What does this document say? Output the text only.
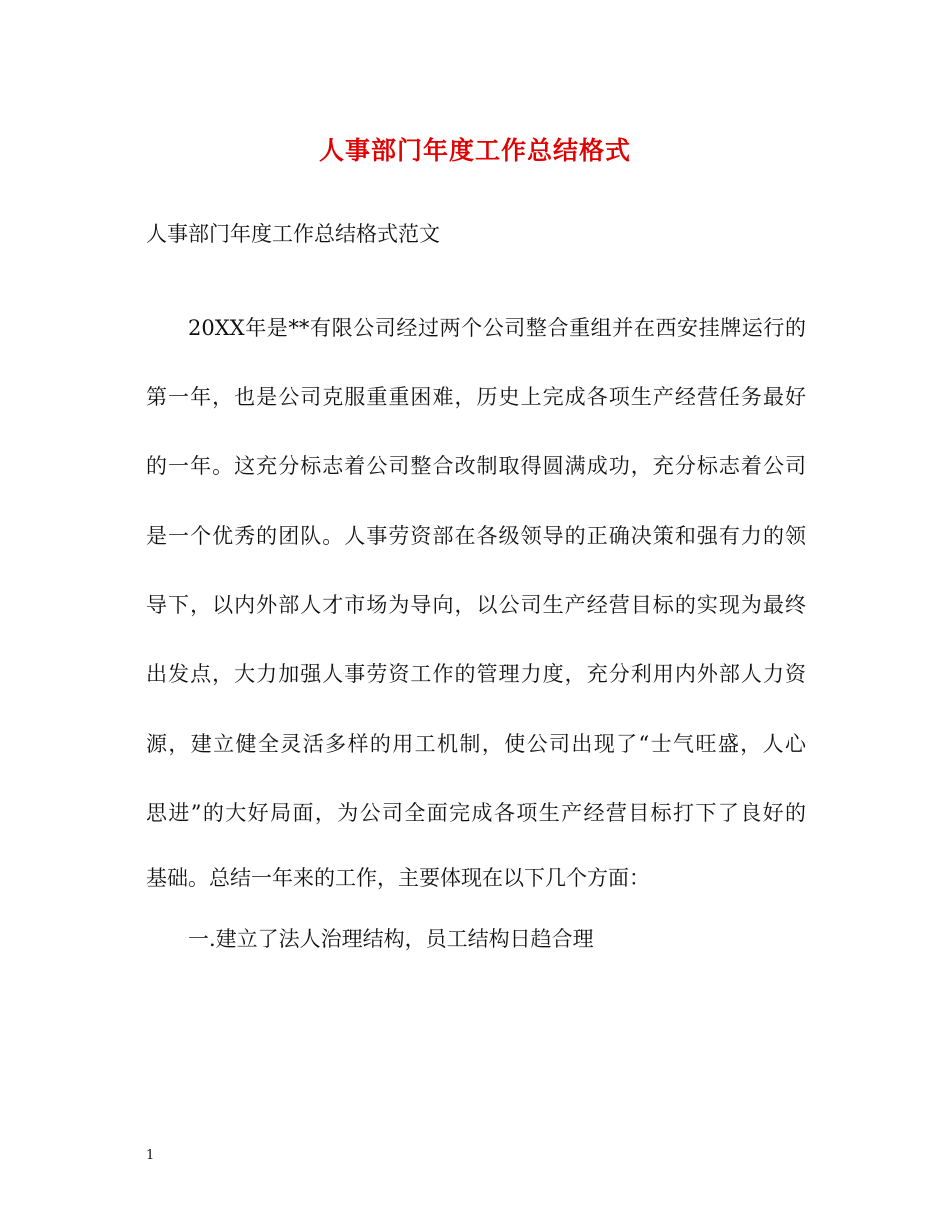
人事部门年度工作总结格式
人事部门年度工作总结格式范文
20XX年是**有限公司经过两个公司整合重组并在西安挂牌运行的
第一年，也是公司克服重重困难，历史上完成各项生产经营任务最好
的一年。这充分标志着公司整合改制取得圆满成功，充分标志着公司
是一个优秀的团队。人事劳资部在各级领导的正确决策和强有力的领
导下，以内外部人才市场为导向，以公司生产经营目标的实现为最终
出发点，大力加强人事劳资工作的管理力度，充分利用内外部人力资
源，建立健全灵活多样的用工机制，使公司出现了“士气旺盛，人心
思进”的大好局面，为公司全面完成各项生产经营目标打下了良好的
基础。总结一年来的工作，主要体现在以下几个方面：
一.建立了法人治理结构，员工结构日趋合理
1
